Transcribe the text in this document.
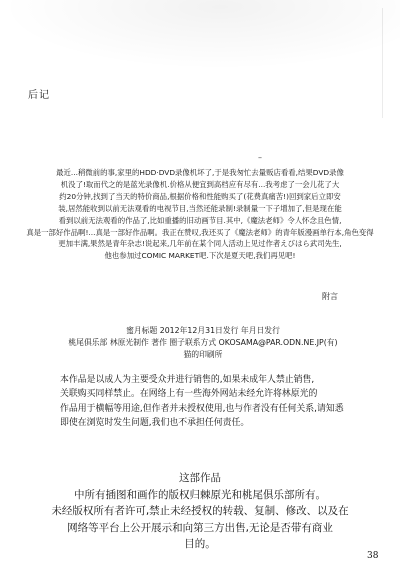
后记
–
最近...稍微前的事,家里的HDD·DVD录像机坏了,于是我匆忙去量贩店看看,结果DVD录像
机没了!取而代之的是蓝光录像机.价格从便宜到高档应有尽有...我考虑了一会儿花了大
约20分钟,找到了当天的特价商品,根据价格和性能购买了(花费真痛苦!)回到家后立即安
装,居然能收到以前无法观看的电视节目,当然还能录制!录制量一下子增加了,但是现在能
看到以前无法观看的作品了,比如重播的旧动画节目.其中,《魔法老师》令人怀念且色情,
真是一部好作品啊!...真是一部好作品啊。我正在赞叹,我还买了《魔法老师》的青年版漫画单行本,角色变得
更加丰满,果然是青年杂志!说起来,几年前在某个同人活动上见过作者えびはら武司先生,
他也参加过COMIC MARKET吧.下次是夏天吧,我们再见吧!
附言
蜜月标题 2012年12月31日发行 年月日发行
桃尾俱乐部 林原光制作 著作 圈子联系方式 OKOSAMA@PAR.ODN.NE.JP(有)
猫的印刷所
本作品是以成人为主要受众并进行销售的,如果未成年人禁止销售,
关联购买同样禁止。在网络上有一些海外网站未经允许将林原光的
作品用于横幅等用途,但作者并未授权使用,也与作者没有任何关系,请知悉
即使在浏览时发生问题,我们也不承担任何责任。
这部作品
中所有插图和画作的版权归棘原光和桃尾俱乐部所有。
未经版权所有者许可,禁止未经授权的转载、复制、修改、以及在
网络等平台上公开展示和向第三方出售,无论是否带有商业
目的。
38
